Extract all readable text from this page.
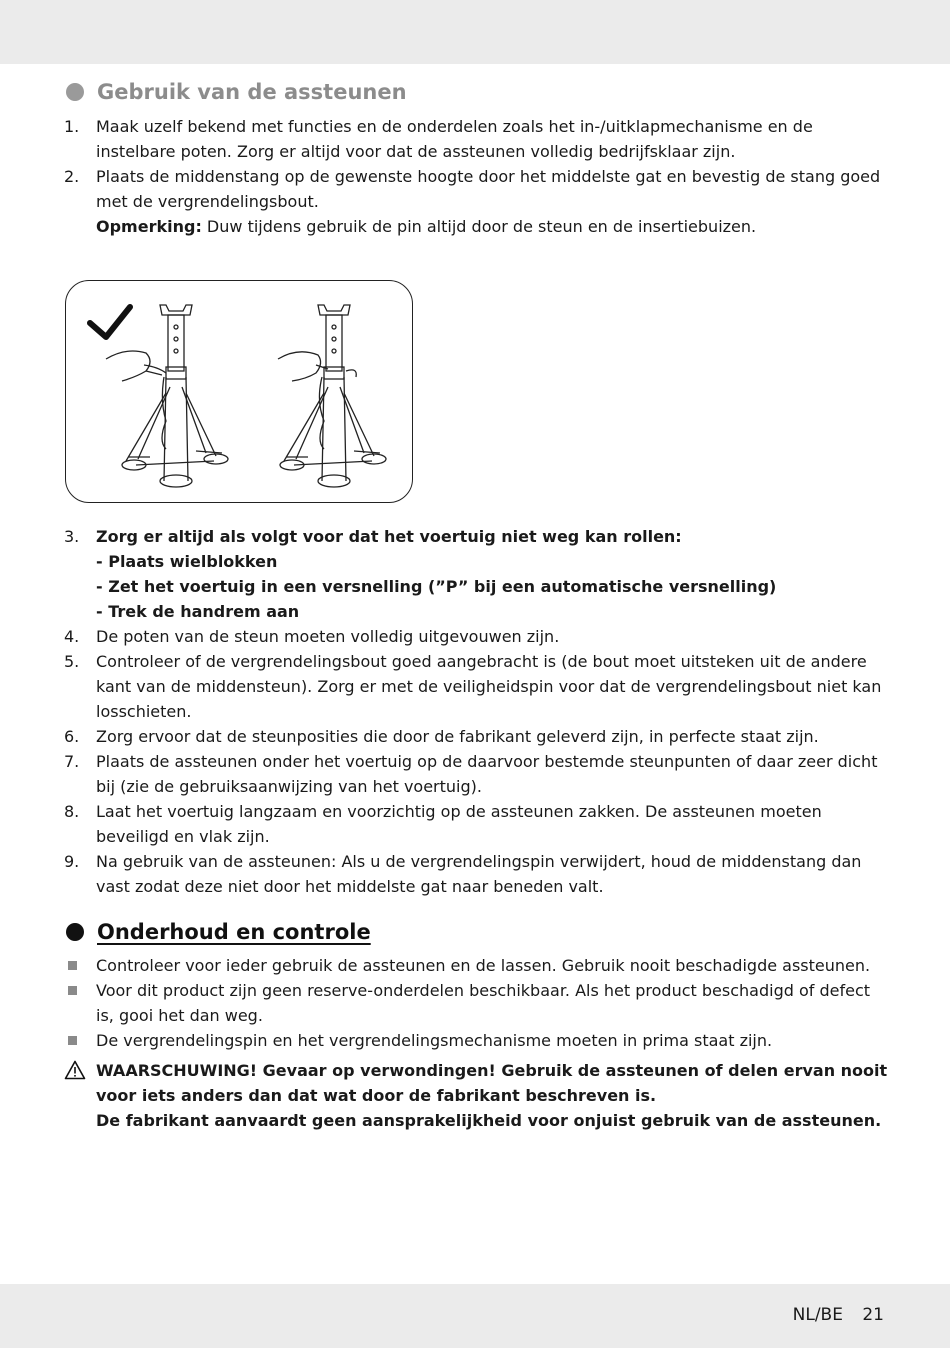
Gebruik van de assteunen
1. Maak uzelf bekend met functies en de onderdelen zoals het in-/uitklapmechanisme en de instelbare poten. Zorg er altijd voor dat de assteunen volledig bedrijfsklaar zijn.
2. Plaats de middenstang op de gewenste hoogte door het middelste gat en bevestig de stang goed met de vergrendelingsbout.
Opmerking: Duw tijdens gebruik de pin altijd door de steun en de insertiebuizen.
3. Zorg er altijd als volgt voor dat het voertuig niet weg kan rollen:
- Plaats wielblokken
- Zet het voertuig in een versnelling (”P” bij een automatische versnelling)
- Trek de handrem aan
4. De poten van de steun moeten volledig uitgevouwen zijn.
5. Controleer of de vergrendelingsbout goed aangebracht is (de bout moet uitsteken uit de andere kant van de middensteun). Zorg er met de veiligheidspin voor dat de vergrendelingsbout niet kan losschieten.
6. Zorg ervoor dat de steunposities die door de fabrikant geleverd zijn, in perfecte staat zijn.
7. Plaats de assteunen onder het voertuig op de daarvoor bestemde steunpunten of daar zeer dicht bij (zie de gebruiksaanwijzing van het voertuig).
8. Laat het voertuig langzaam en voorzichtig op de assteunen zakken. De assteunen moeten beveiligd en vlak zijn.
9. Na gebruik van de assteunen: Als u de vergrendelingspin verwijdert, houd de middenstang dan vast zodat deze niet door het middelste gat naar beneden valt.
Onderhoud en controle
Controleer voor ieder gebruik de assteunen en de lassen. Gebruik nooit beschadigde assteunen.
Voor dit product zijn geen reserve-onderdelen beschikbaar. Als het product beschadigd of defect is, gooi het dan weg.
De vergrendelingspin en het vergrendelingsmechanisme moeten in prima staat zijn.
WAARSCHUWING! Gevaar op verwondingen! Gebruik de assteunen of delen ervan nooit voor iets anders dan dat wat door de fabrikant beschreven is.
De fabrikant aanvaardt geen aansprakelijkheid voor onjuist gebruik van de assteunen.
NL/BE 21
